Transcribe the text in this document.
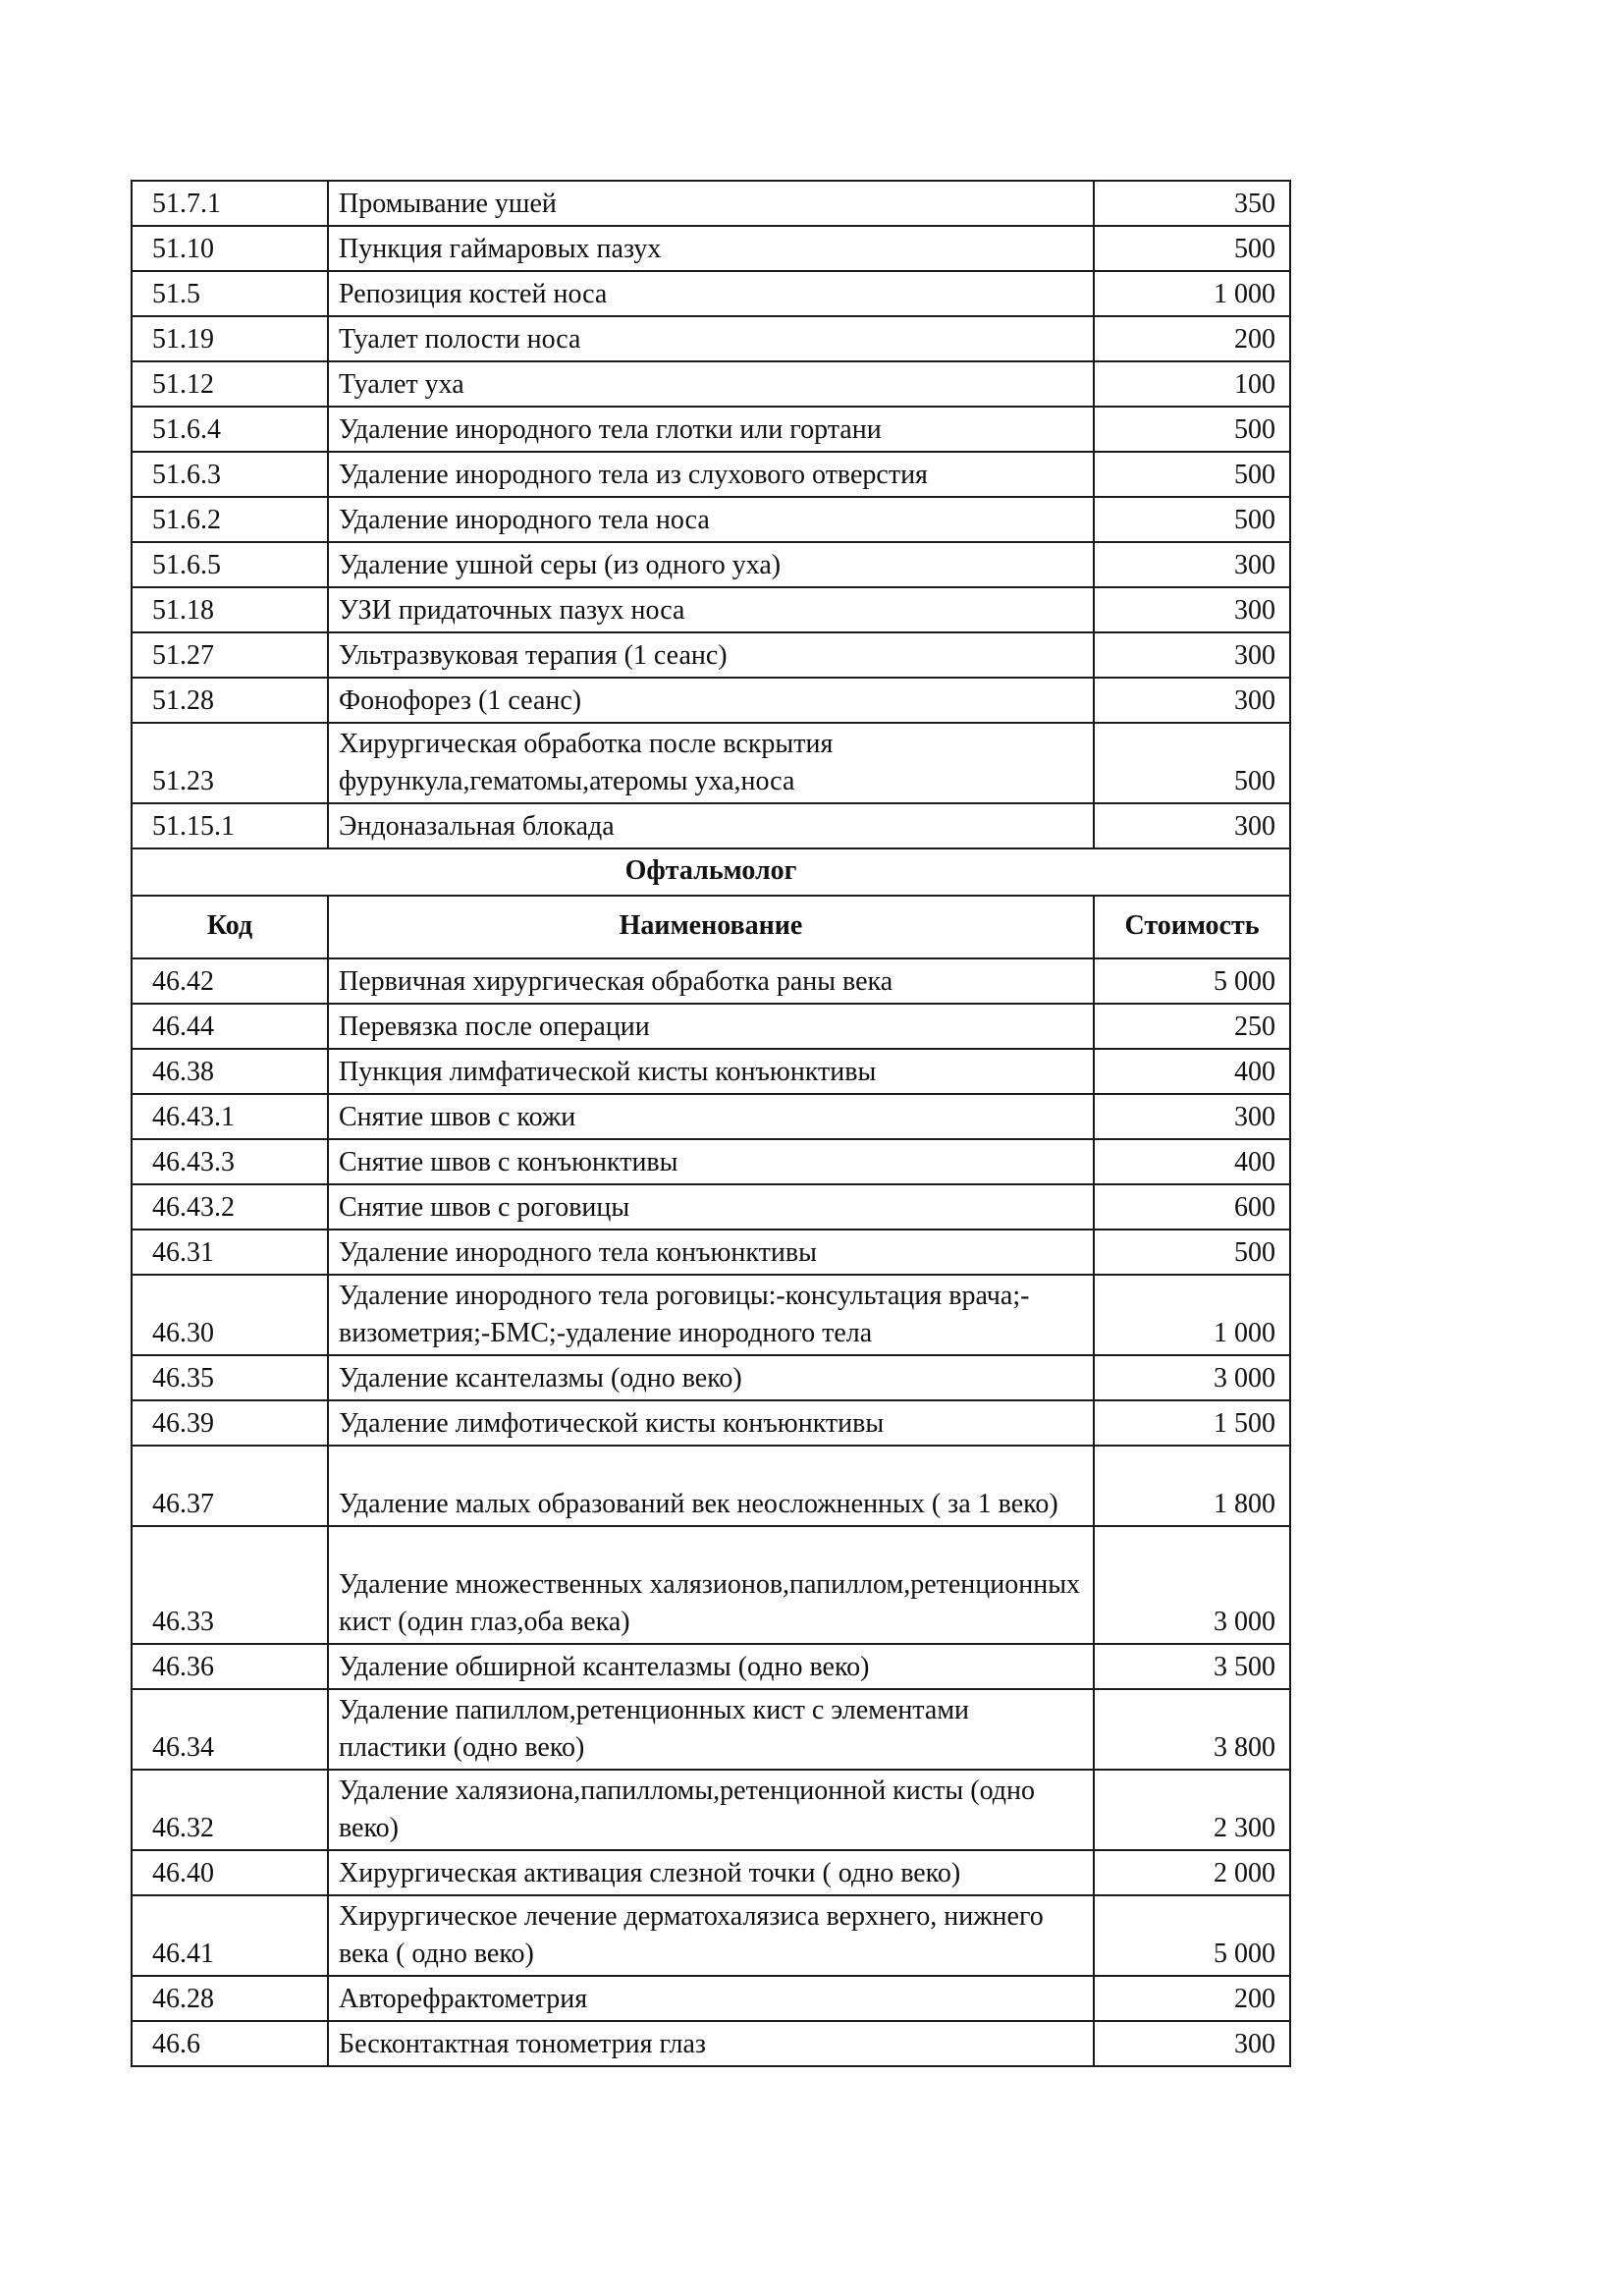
51.7.1	Промывание ушей	350
51.10	Пункция гаймаровых пазух	500
51.5	Репозиция костей носа	1 000
51.19	Туалет полости носа	200
51.12	Туалет уха	100
51.6.4	Удаление инородного тела глотки или гортани	500
51.6.3	Удаление инородного тела из слухового отверстия	500
51.6.2	Удаление инородного тела носа	500
51.6.5	Удаление ушной серы (из одного уха)	300
51.18	УЗИ придаточных пазух носа	300
51.27	Ультразвуковая терапия (1 сеанс)	300
51.28	Фонофорез (1 сеанс)	300
51.23	Хирургическая обработка после вскрытия фурункула,гематомы,атеромы уха,носа	500
51.15.1	Эндоназальная блокада	300
Офтальмолог		
Код	Наименование	Стоимость
46.42	Первичная хирургическая обработка раны века	5 000
46.44	Перевязка после операции	250
46.38	Пункция лимфатической кисты конъюнктивы	400
46.43.1	Снятие швов с кожи	300
46.43.3	Снятие швов с конъюнктивы	400
46.43.2	Снятие швов с роговицы	600
46.31	Удаление инородного тела конъюнктивы	500
46.30	Удаление инородного тела роговицы:-консультация врача;-визометрия;-БМС;-удаление инородного тела	1 000
46.35	Удаление ксантелазмы (одно веко)	3 000
46.39	Удаление лимфотической кисты конъюнктивы	1 500
46.37	Удаление малых образований век неосложненных ( за 1 веко)	1 800
46.33	Удаление множественных халязионов,папиллом,ретенционных кист (один глаз,оба века)	3 000
46.36	Удаление обширной ксантелазмы (одно веко)	3 500
46.34	Удаление папиллом,ретенционных кист с элементами пластики (одно веко)	3 800
46.32	Удаление халязиона,папилломы,ретенционной кисты (одно веко)	2 300
46.40	Хирургическая активация слезной точки ( одно веко)	2 000
46.41	Хирургическое лечение дерматохалязиса верхнего, нижнего века ( одно веко)	5 000
46.28	Авторефрактометрия	200
46.6	Бесконтактная тонометрия глаз	300
